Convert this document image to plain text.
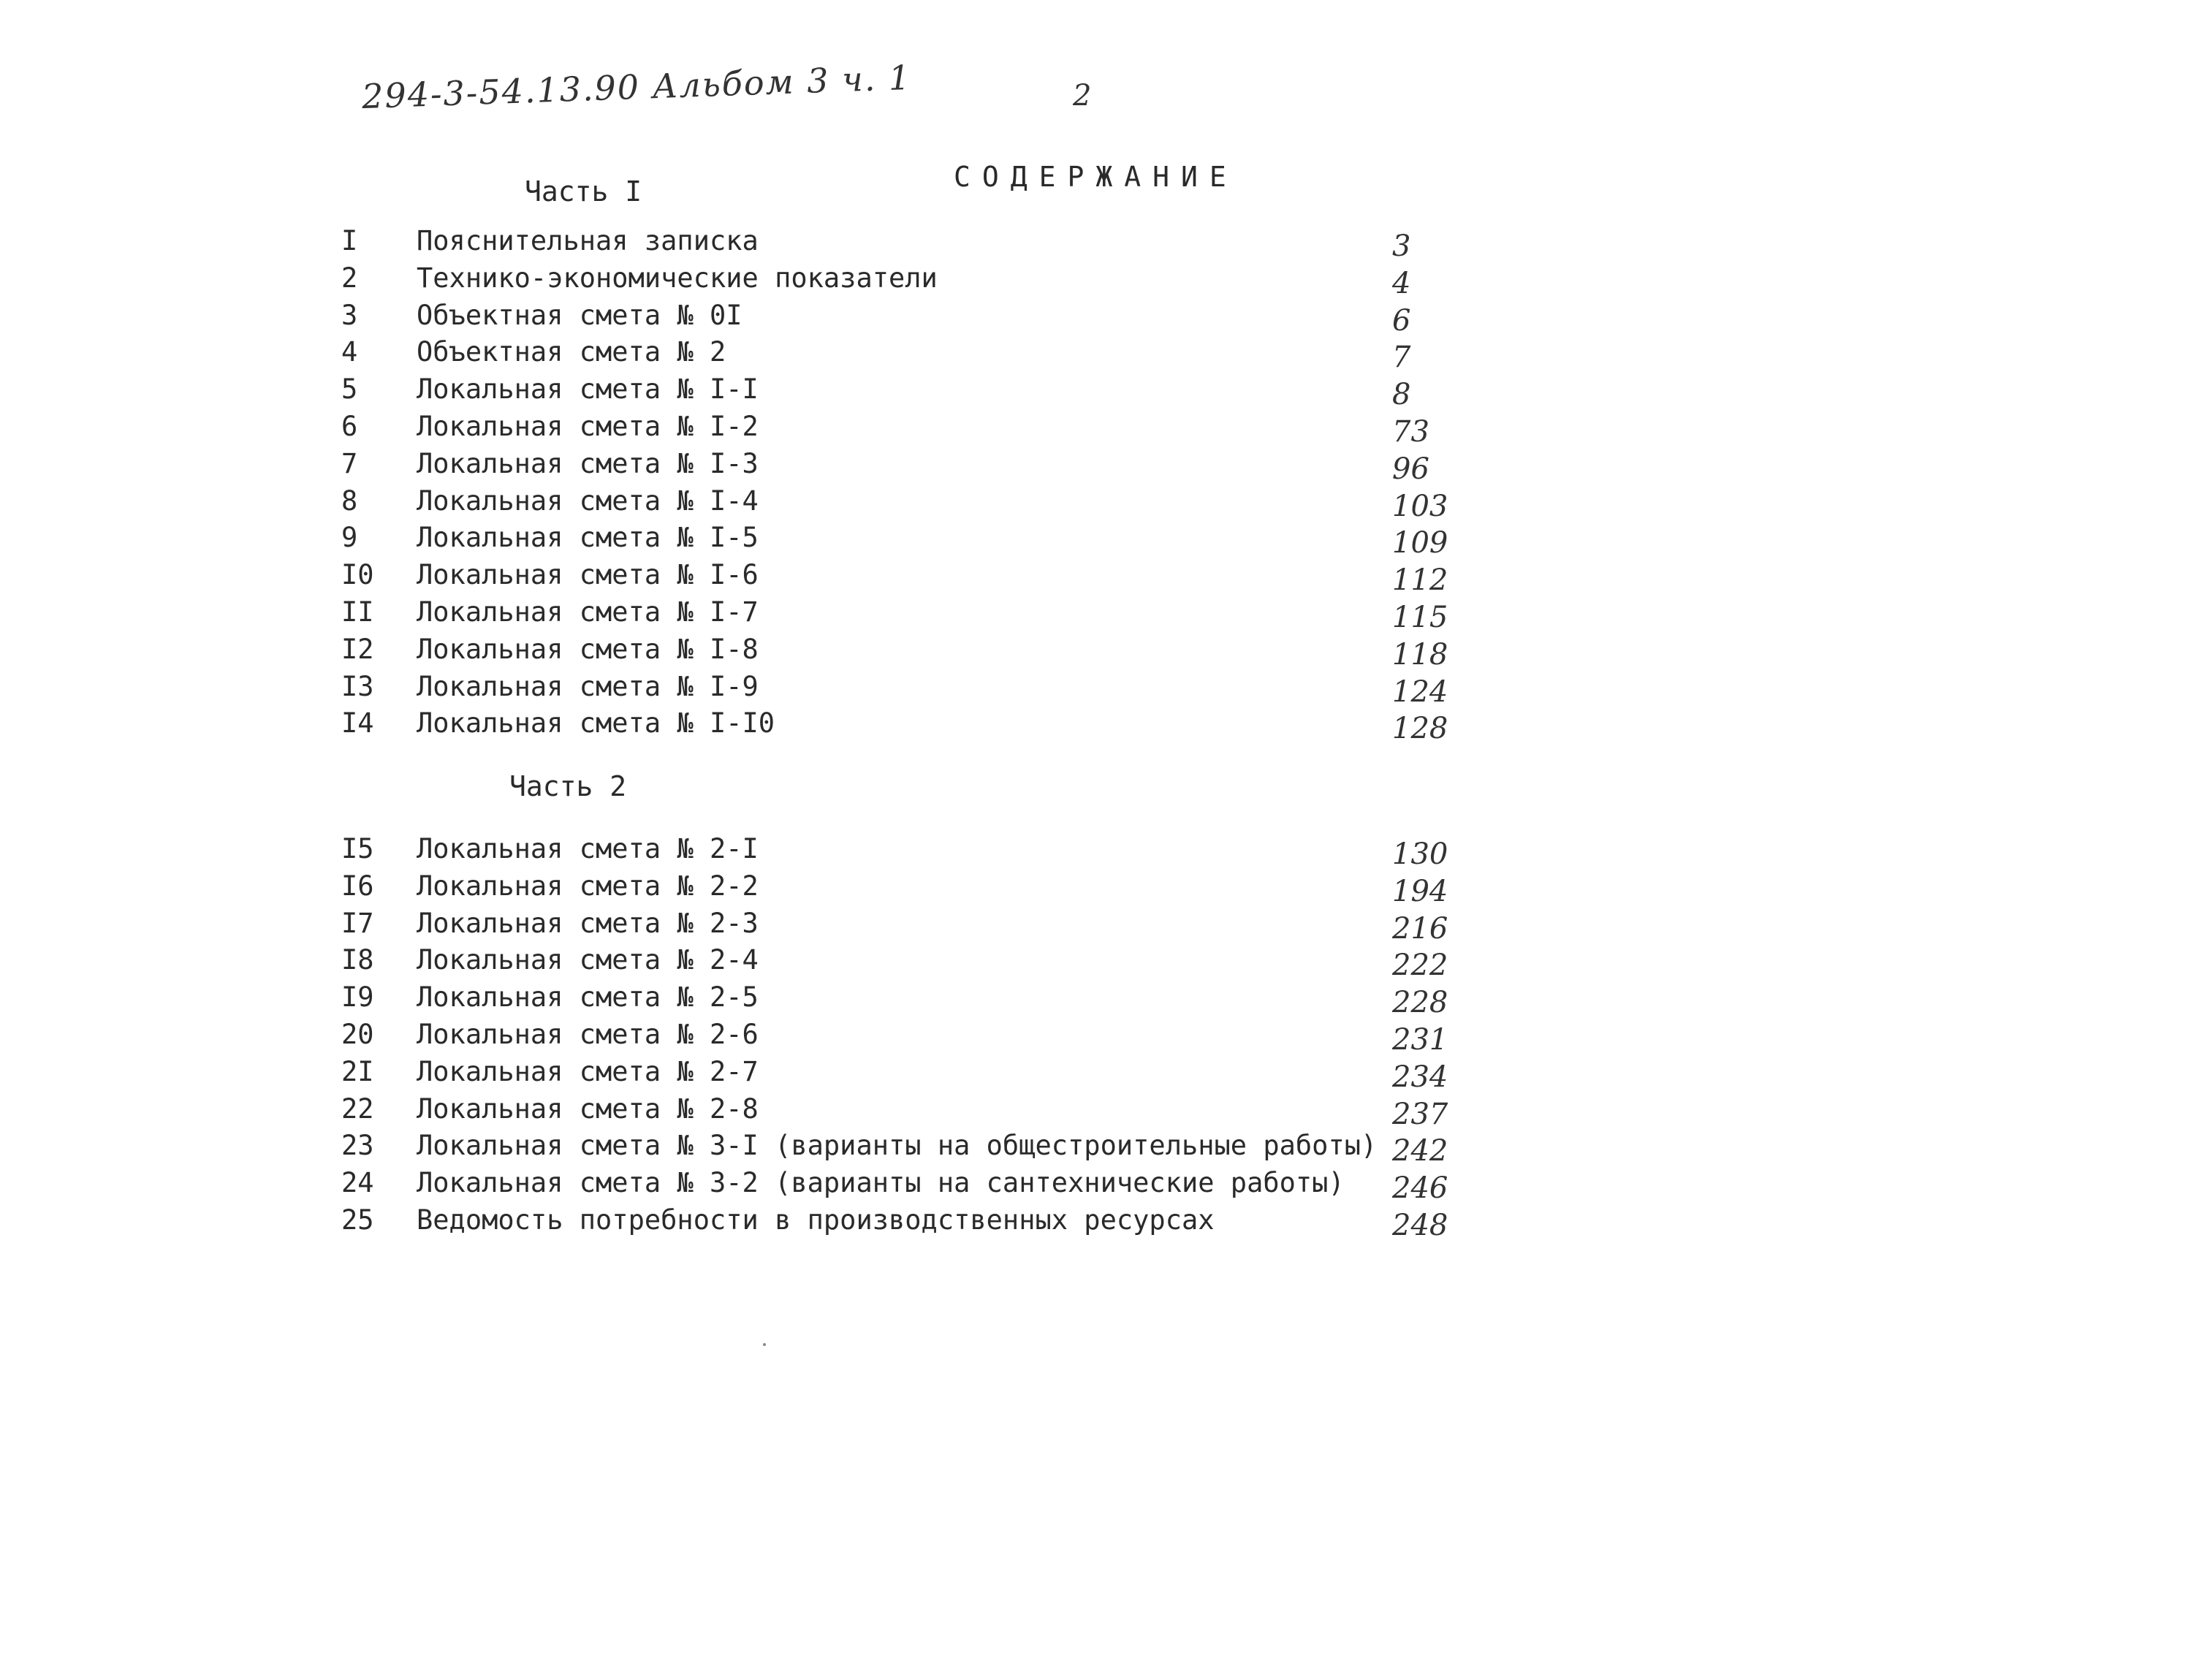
294-3-54.13.90 Альбом 3 ч. 1	2
СОДЕРЖАНИЕ
Часть I
I Пояснительная записка	3
2 Технико-экономические показатели	4
3 Объектная смета № 0I	6
4 Объектная смета № 2	7
5 Локальная смета № I-I	8
6 Локальная смета № I-2	73
7 Локальная смета № I-3	96
8 Локальная смета № I-4	103
9 Локальная смета № I-5	109
I0 Локальная смета № I-6	112
II Локальная смета № I-7	115
I2 Локальная смета № I-8	118
I3 Локальная смета № I-9	124
I4 Локальная смета № I-I0	128
Часть 2
I5 Локальная смета № 2-I	130
I6 Локальная смета № 2-2	194
I7 Локальная смета № 2-3	216
I8 Локальная смета № 2-4	222
I9 Локальная смета № 2-5	228
20 Локальная смета № 2-6	231
2I Локальная смета № 2-7	234
22 Локальная смета № 2-8	237
23 Локальная смета № 3-I (варианты на общестроительные работы) 242
24 Локальная смета № 3-2 (варианты на сантехнические работы) 246
25 Ведомость потребности в производственных ресурсах	248
